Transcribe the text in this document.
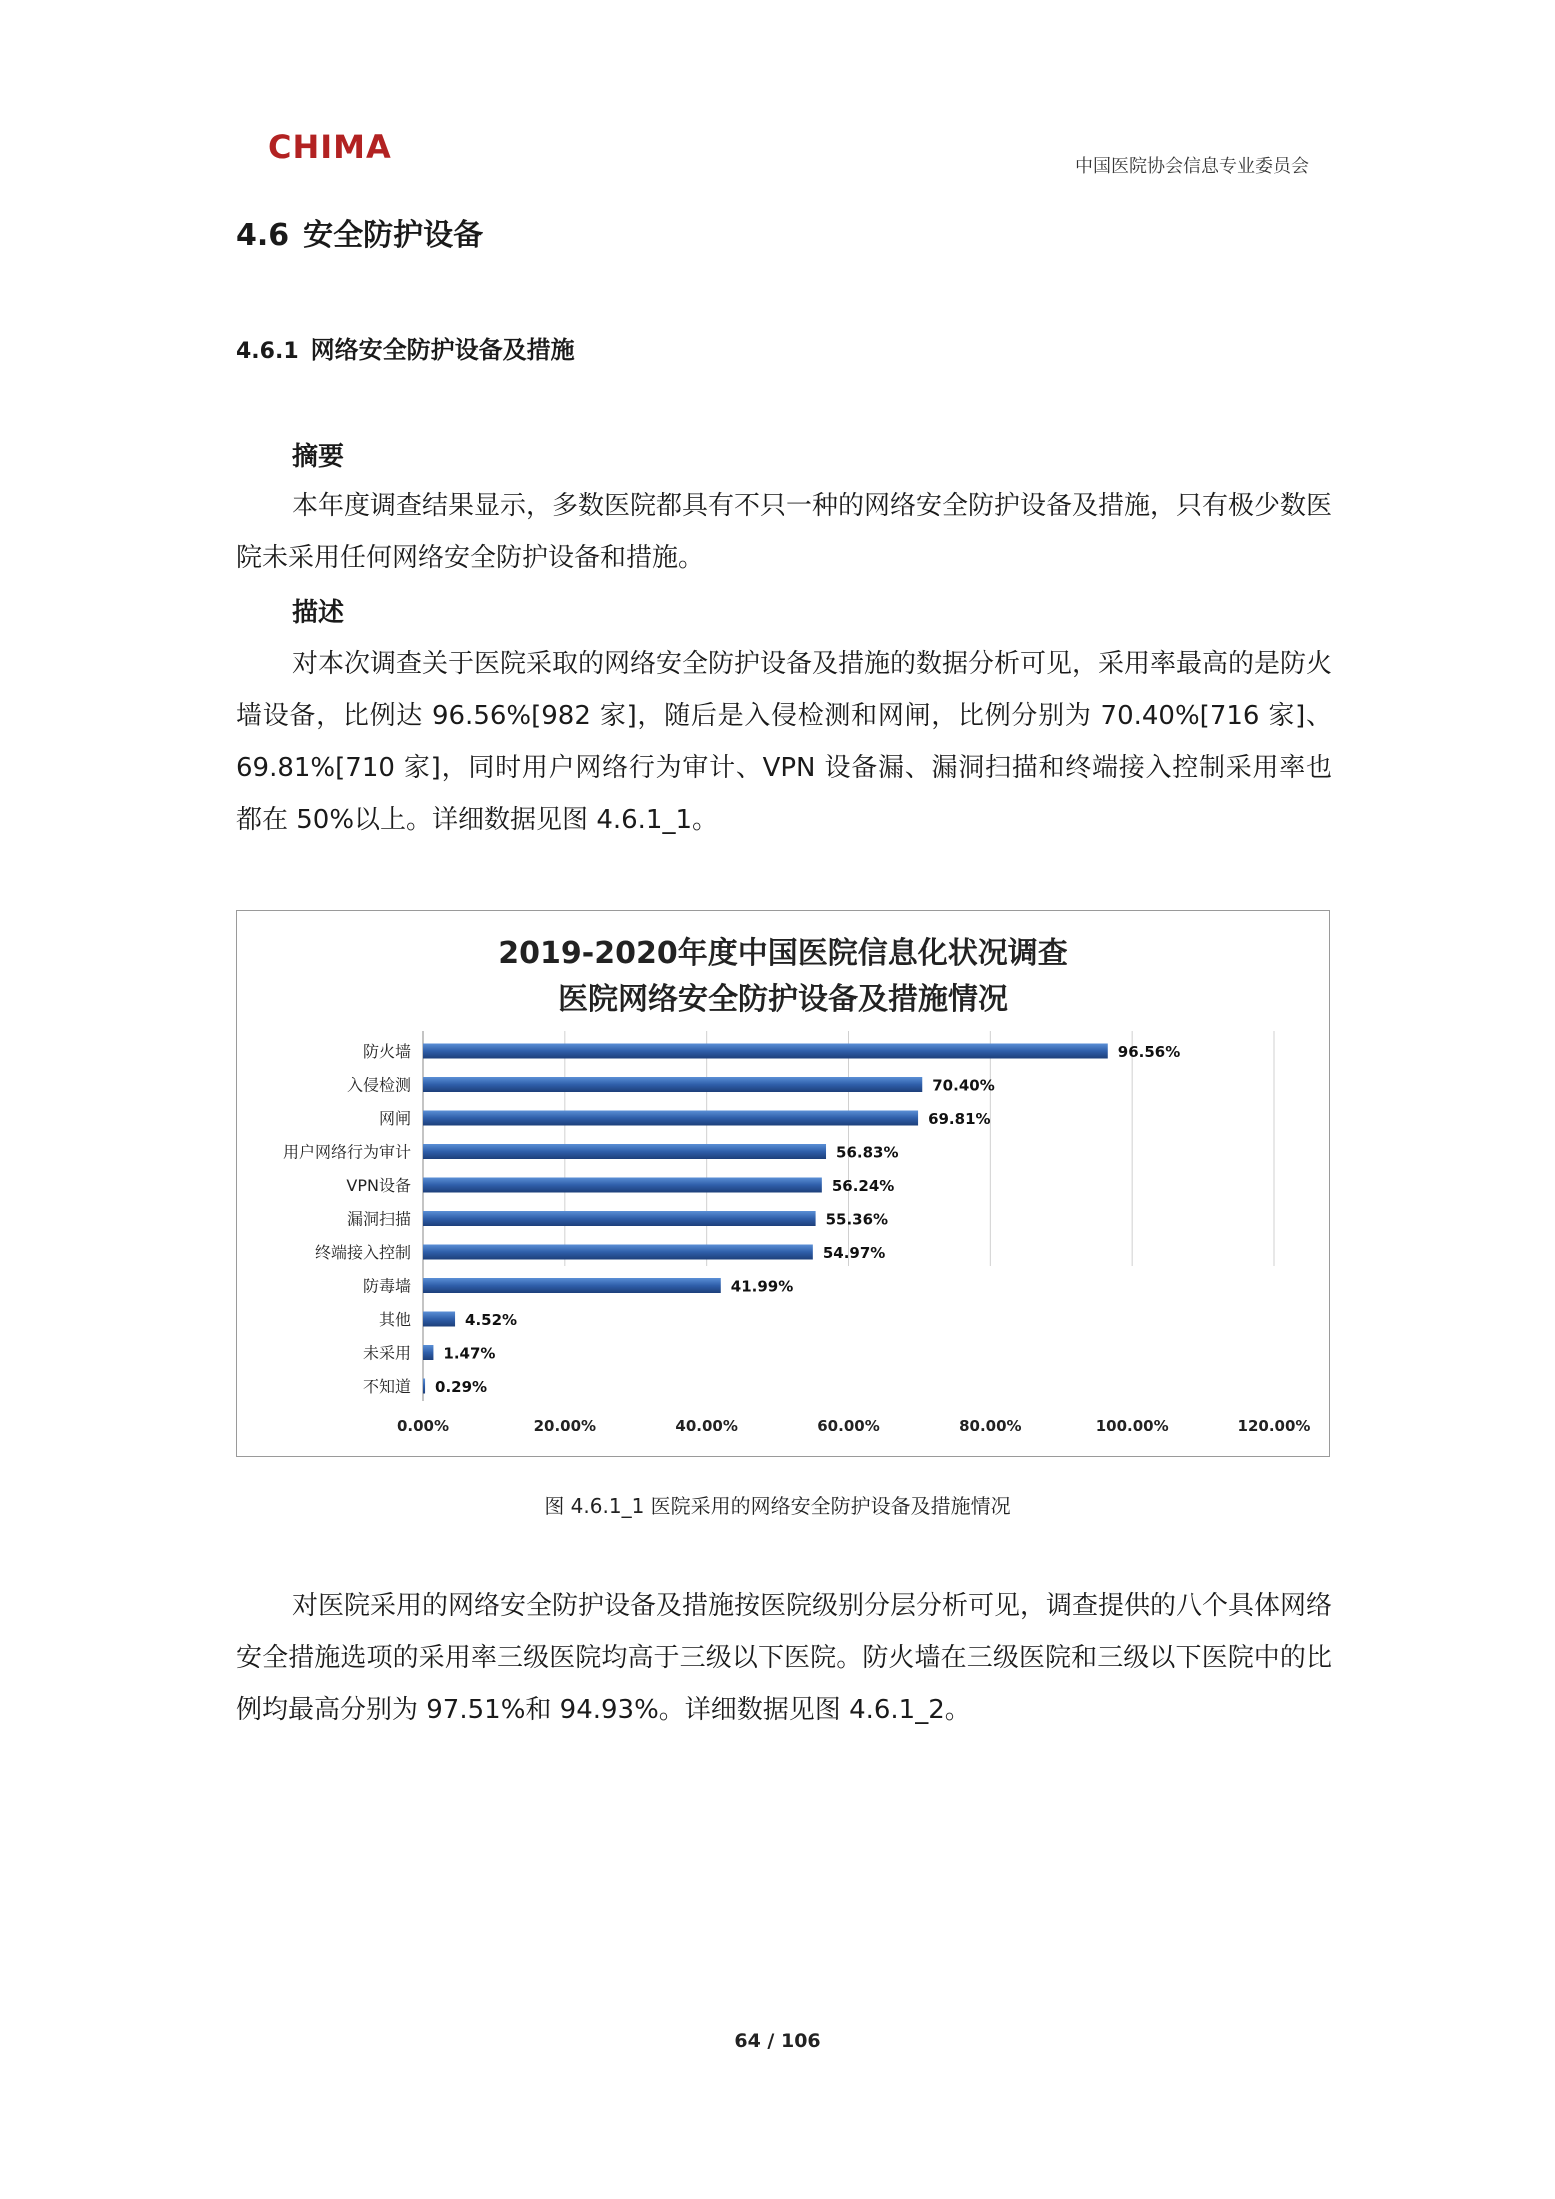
CHIMA
中国医院协会信息专业委员会
4.6 安全防护设备
4.6.1 网络安全防护设备及措施
摘要
本年度调查结果显示，多数医院都具有不只一种的网络安全防护设备及措施，只有极少数医院未采用任何网络安全防护设备和措施。
描述
对本次调查关于医院采取的网络安全防护设备及措施的数据分析可见，采用率最高的是防火墙设备，比例达 96.56%[982 家]，随后是入侵检测和网闸，比例分别为 70.40%[716 家]、69.81%[710 家]，同时用户网络行为审计、VPN 设备漏、漏洞扫描和终端接入控制采用率也都在 50%以上。详细数据见图 4.6.1_1。
2019-2020年度中国医院信息化状况调查
医院网络安全防护设备及措施情况
防火墙	96.56%
入侵检测	70.40%
网闸	69.81%
用户网络行为审计	56.83%
VPN设备	56.24%
漏洞扫描	55.36%
终端接入控制	54.97%
防毒墙	41.99%
其他	4.52%
未采用 1.47%
不知道 0.29%
0.00%	20.00%	40.00%	60.00%	80.00%	100.00%	120.00%
图 4.6.1_1 医院采用的网络安全防护设备及措施情况
对医院采用的网络安全防护设备及措施按医院级别分层分析可见，调查提供的八个具体网络安全措施选项的采用率三级医院均高于三级以下医院。防火墙在三级医院和三级以下医院中的比例均最高分别为 97.51%和 94.93%。详细数据见图 4.6.1_2。
64 / 106
